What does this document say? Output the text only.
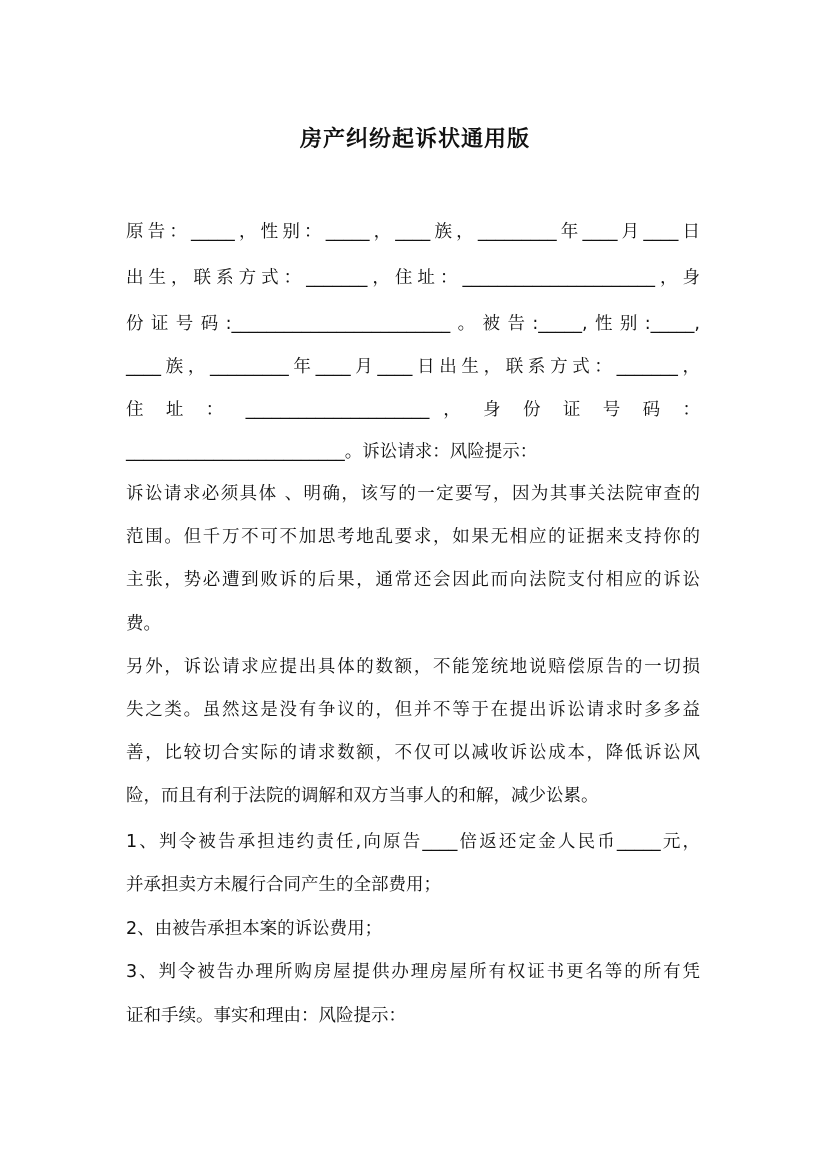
房产纠纷起诉状通用版
原告：_____，性别：_____，____族，_________年____月____日
出生，联系方式：_______，住址：______________________，身
份证号码:_________________________。被告:_____,性别:_____,
____族，_________年____月____日出生，联系方式：_______，
住 址 ： _____________________ ， 身 份 证 号 码 ：
_________________________。诉讼请求：风险提示：
诉讼请求必须具体 、明确，该写的一定要写，因为其事关法院审查的
范围。但千万不可不加思考地乱要求，如果无相应的证据来支持你的
主张，势必遭到败诉的后果，通常还会因此而向法院支付相应的诉讼
费。
另外，诉讼请求应提出具体的数额，不能笼统地说赔偿原告的一切损
失之类。虽然这是没有争议的，但并不等于在提出诉讼请求时多多益
善，比较切合实际的请求数额，不仅可以减收诉讼成本，降低诉讼风
险，而且有利于法院的调解和双方当事人的和解，减少讼累。
1、判令被告承担违约责任,向原告____倍返还定金人民币_____元，
并承担卖方未履行合同产生的全部费用；
2、由被告承担本案的诉讼费用；
3、判令被告办理所购房屋提供办理房屋所有权证书更名等的所有凭
证和手续。事实和理由：风险提示：
